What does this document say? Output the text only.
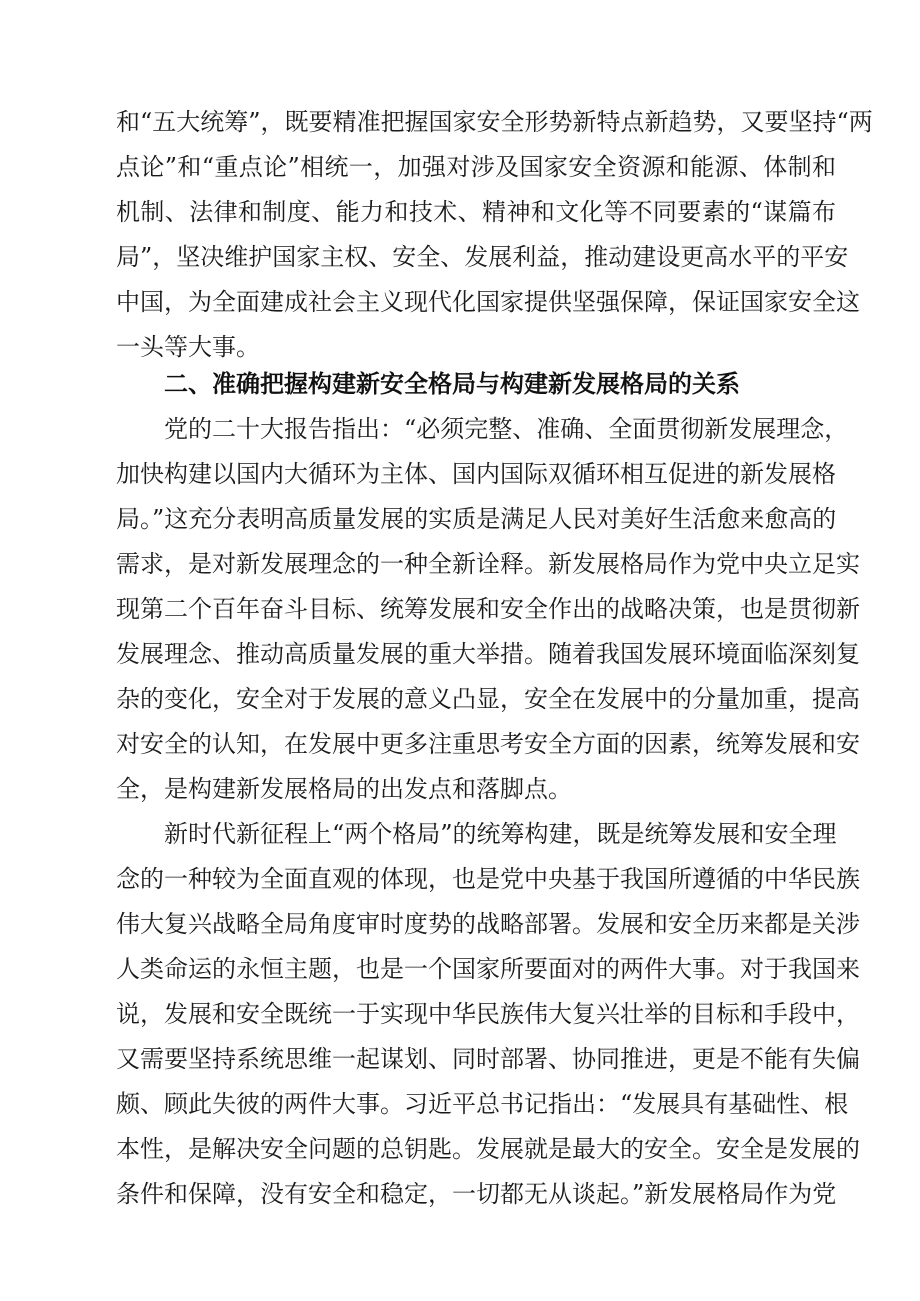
和“五大统筹”，既要精准把握国家安全形势新特点新趋势，又要坚持“两
点论”和“重点论”相统一，加强对涉及国家安全资源和能源、体制和
机制、法律和制度、能力和技术、精神和文化等不同要素的“谋篇布
局”，坚决维护国家主权、安全、发展利益，推动建设更高水平的平安
中国，为全面建成社会主义现代化国家提供坚强保障，保证国家安全这
一头等大事。
二、准确把握构建新安全格局与构建新发展格局的关系
党的二十大报告指出：“必须完整、准确、全面贯彻新发展理念，
加快构建以国内大循环为主体、国内国际双循环相互促进的新发展格
局。”这充分表明高质量发展的实质是满足人民对美好生活愈来愈高的
需求，是对新发展理念的一种全新诠释。新发展格局作为党中央立足实
现第二个百年奋斗目标、统筹发展和安全作出的战略决策，也是贯彻新
发展理念、推动高质量发展的重大举措。随着我国发展环境面临深刻复
杂的变化，安全对于发展的意义凸显，安全在发展中的分量加重，提高
对安全的认知，在发展中更多注重思考安全方面的因素，统筹发展和安
全，是构建新发展格局的出发点和落脚点。
新时代新征程上“两个格局”的统筹构建，既是统筹发展和安全理
念的一种较为全面直观的体现，也是党中央基于我国所遵循的中华民族
伟大复兴战略全局角度审时度势的战略部署。发展和安全历来都是关涉
人类命运的永恒主题，也是一个国家所要面对的两件大事。对于我国来
说，发展和安全既统一于实现中华民族伟大复兴壮举的目标和手段中，
又需要坚持系统思维一起谋划、同时部署、协同推进，更是不能有失偏
颇、顾此失彼的两件大事。习近平总书记指出：“发展具有基础性、根
本性，是解决安全问题的总钥匙。发展就是最大的安全。安全是发展的
条件和保障，没有安全和稳定，一切都无从谈起。”新发展格局作为党
